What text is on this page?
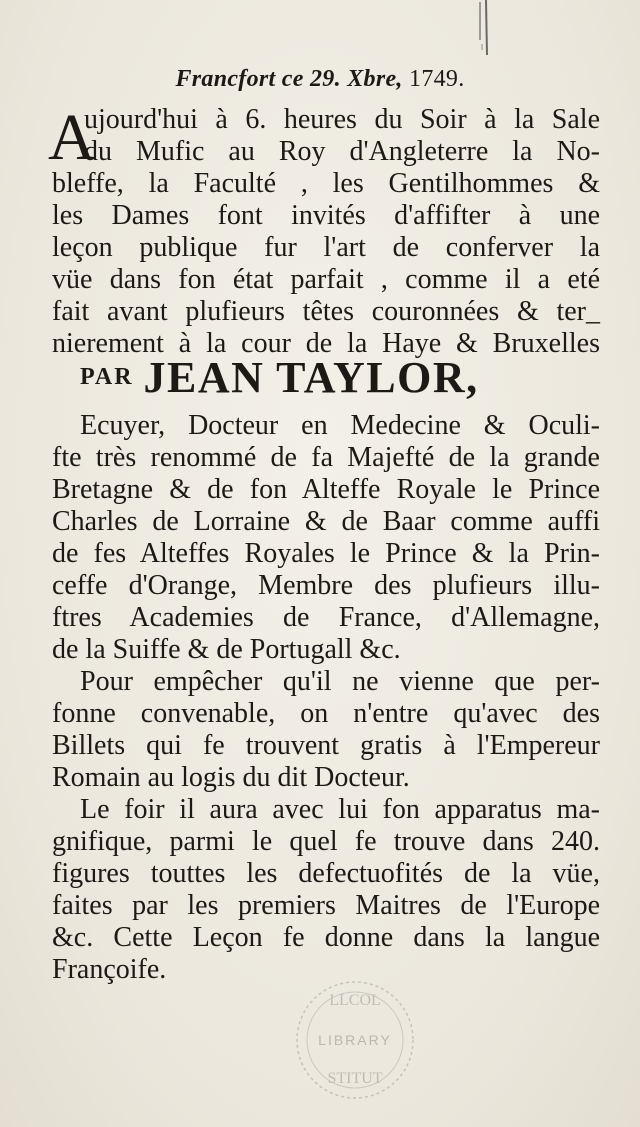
Francfort ce 29. Xbre, 1749.
A
ujourd'hui à 6. heures du Soir à la Sale
du Mufic au Roy d'Angleterre la No-
bleffe, la Faculté , les Gentilhommes &
les Dames font invités d'affifter à une
leçon publique fur l'art de conferver la
vüe dans fon état parfait , comme il a eté
fait avant plufieurs têtes couronnées & ter_
nierement à la cour de la Haye & Bruxelles
PAR JEAN TAYLOR,
Ecuyer, Docteur en Medecine & Oculi-
fte très renommé de fa Majefté de la grande
Bretagne & de fon Alteffe Royale le Prince
Charles de Lorraine & de Baar comme auffi
de fes Alteffes Royales le Prince & la Prin-
ceffe d'Orange, Membre des plufieurs illu-
ftres Academies de France, d'Allemagne,
de la Suiffe & de Portugall &c.
Pour empêcher qu'il ne vienne que per-
fonne convenable, on n'entre qu'avec des
Billets qui fe trouvent gratis à l'Empereur
Romain au logis du dit Docteur.
Le foir il aura avec lui fon apparatus ma-
gnifique, parmi le quel fe trouve dans 240.
figures touttes les defectuofités de la vüe,
faites par les premiers Maitres de l'Europe
&c. Cette Leçon fe donne dans la langue
Françoife.
LLCOL
LIBRARY
STITUT
